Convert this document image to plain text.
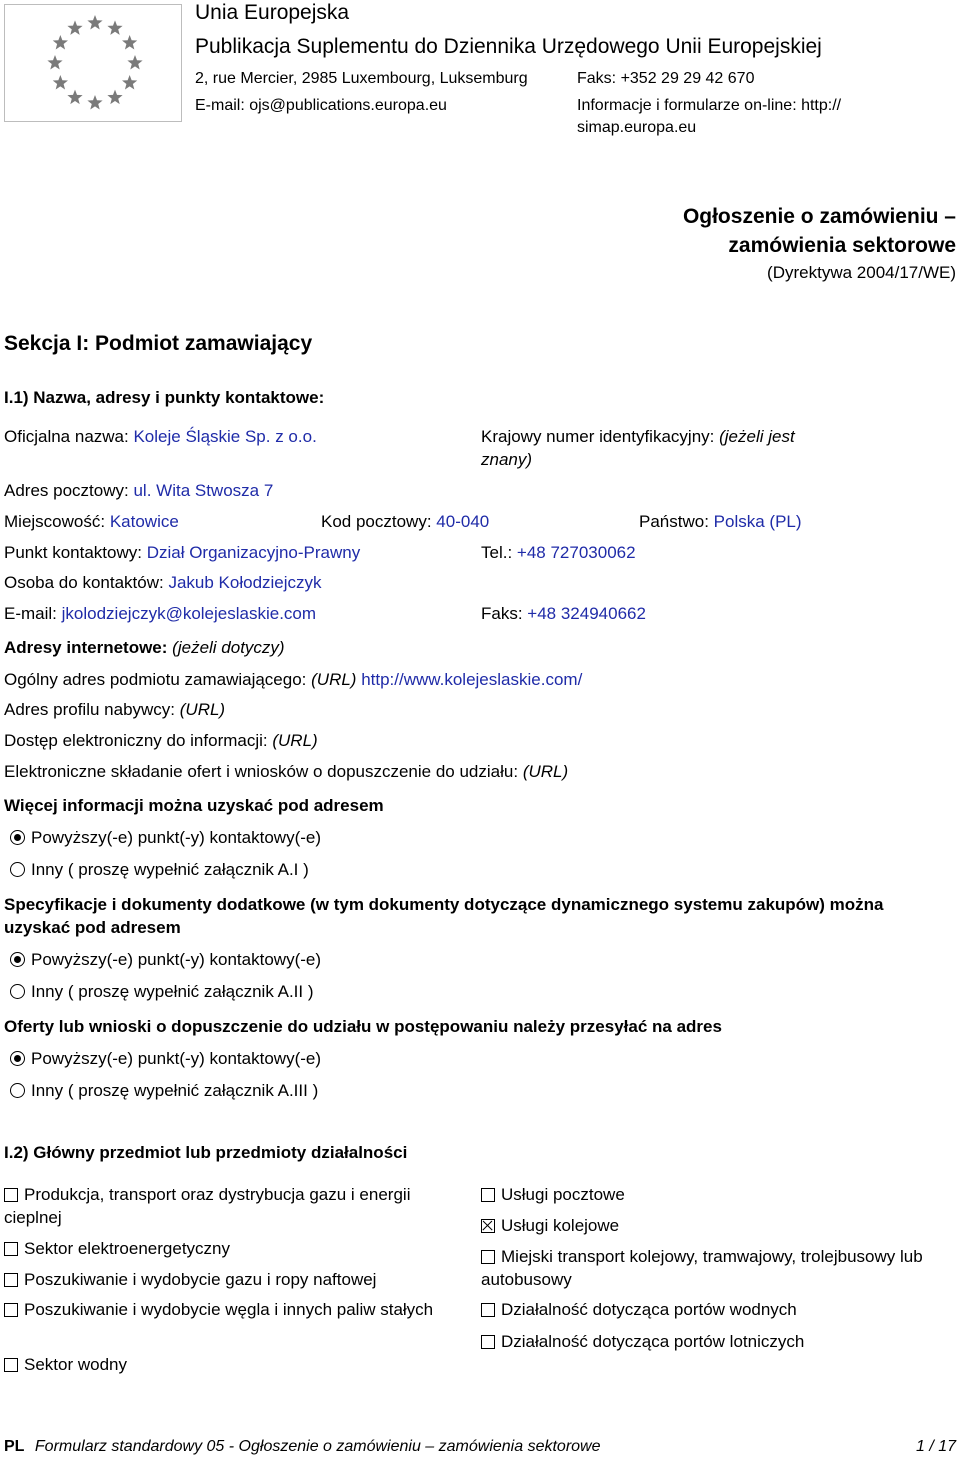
Unia Europejska
Publikacja Suplementu do Dziennika Urzędowego Unii Europejskiej
2, rue Mercier, 2985 Luxembourg, Luksemburg	Faks: +352 29 29 42 670
E-mail: ojs@publications.europa.eu	Informacje i formularze on-line: http://
simap.europa.eu
Ogłoszenie o zamówieniu –
zamówienia sektorowe
(Dyrektywa 2004/17/WE)
Sekcja I: Podmiot zamawiający
I.1) Nazwa, adresy i punkty kontaktowe:
Oficjalna nazwa: Koleje Śląskie Sp. z o.o.	Krajowy numer identyfikacyjny: (jeżeli jest
znany)
Adres pocztowy: ul. Wita Stwosza 7
Miejscowość: Katowice	Kod pocztowy: 40-040	Państwo: Polska (PL)
Punkt kontaktowy: Dział Organizacyjno-Prawny	Tel.: +48 727030062
Osoba do kontaktów: Jakub Kołodziejczyk
E-mail: jkolodziejczyk@kolejeslaskie.com	Faks: +48 324940662
Adresy internetowe: (jeżeli dotyczy)
Ogólny adres podmiotu zamawiającego: (URL) http://www.kolejeslaskie.com/
Adres profilu nabywcy: (URL)
Dostęp elektroniczny do informacji: (URL)
Elektroniczne składanie ofert i wniosków o dopuszczenie do udziału: (URL)
Więcej informacji można uzyskać pod adresem
Powyższy(-e) punkt(-y) kontaktowy(-e)
Inny ( proszę wypełnić załącznik A.I )
Specyfikacje i dokumenty dodatkowe (w tym dokumenty dotyczące dynamicznego systemu zakupów) można uzyskać pod adresem
Powyższy(-e) punkt(-y) kontaktowy(-e)
Inny ( proszę wypełnić załącznik A.II )
Oferty lub wnioski o dopuszczenie do udziału w postępowaniu należy przesyłać na adres
Powyższy(-e) punkt(-y) kontaktowy(-e)
Inny ( proszę wypełnić załącznik A.III )
I.2) Główny przedmiot lub przedmioty działalności
Produkcja, transport oraz dystrybucja gazu i energii cieplnej
Sektor elektroenergetyczny
Poszukiwanie i wydobycie gazu i ropy naftowej
Poszukiwanie i wydobycie węgla i innych paliw stałych
Sektor wodny
Usługi pocztowe
Usługi kolejowe
Miejski transport kolejowy, tramwajowy, trolejbusowy lub autobusowy
Działalność dotycząca portów wodnych
Działalność dotycząca portów lotniczych
PL Formularz standardowy 05 - Ogłoszenie o zamówieniu – zamówienia sektorowe	1 / 17
